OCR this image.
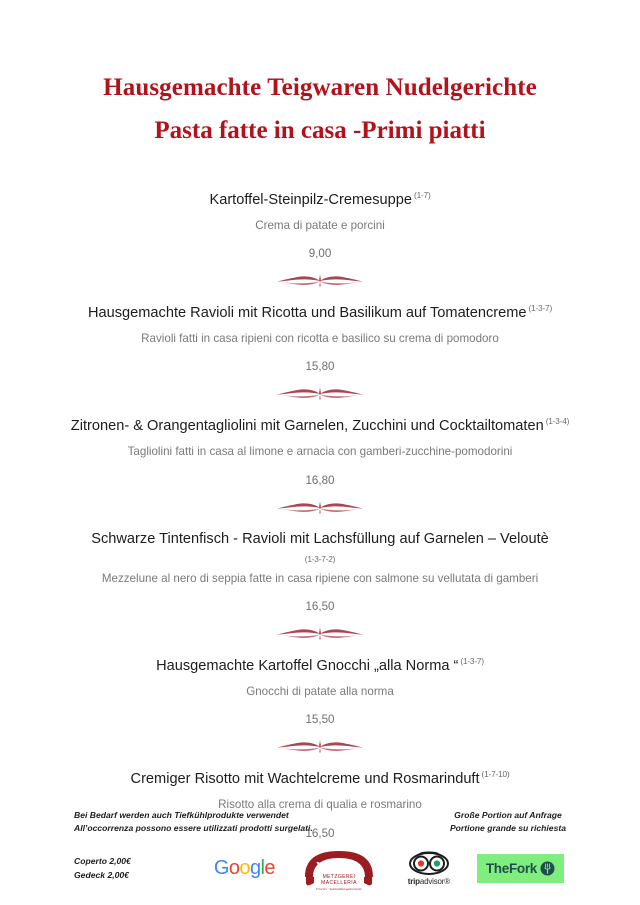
Hausgemachte Teigwaren Nudelgerichte
Pasta fatte in casa -Primi piatti
Kartoffel-Steinpilz-Cremesuppe $^{(1-7)}$
Crema di patate e porcini
9,00
Hausgemachte Ravioli mit Ricotta und Basilikum auf Tomatencreme $^{(1-3-7)}$
Ravioli fatti in casa ripieni con ricotta e basilico su crema di pomodoro
15,80
Zitronen- & Orangentagliolini mit Garnelen, Zucchini und Cocktailtomaten $^{(1-3-4)}$
Tagliolini fatti in casa al limone e arnacia con gamberi-zucchine-pomodorini
16,80
Schwarze Tintenfisch - Ravioli mit Lachsfüllung auf Garnelen – Veloutè
(1-3-7-2)
Mezzelune al nero di seppia fatte in casa ripiene con salmone su vellutata di gamberi
16,50
Hausgemachte Kartoffel Gnocchi „alla Norma “ $^{(1-3-7)}$
Gnocchi di patate alla norma
15,50
Cremiger Risotto mit Wachtelcreme und Rosmarinduft $^{(1-7-10)}$
Risotto alla crema di qualia e rosmarino
16,50
Bei Bedarf werden auch Tiefkühlprodukte verwendet
All’occorrenza possono essere utilizzati prodotti surgelati.
Große Portion auf Anfrage
Portione grande su richiesta
Coperto 2,00€
Gedeck 2,00€	Google	WALZL
METZGEREI
MACELLERIA
Frischer · Spezialitätengastronomie
tripadvisor®
TheFork
